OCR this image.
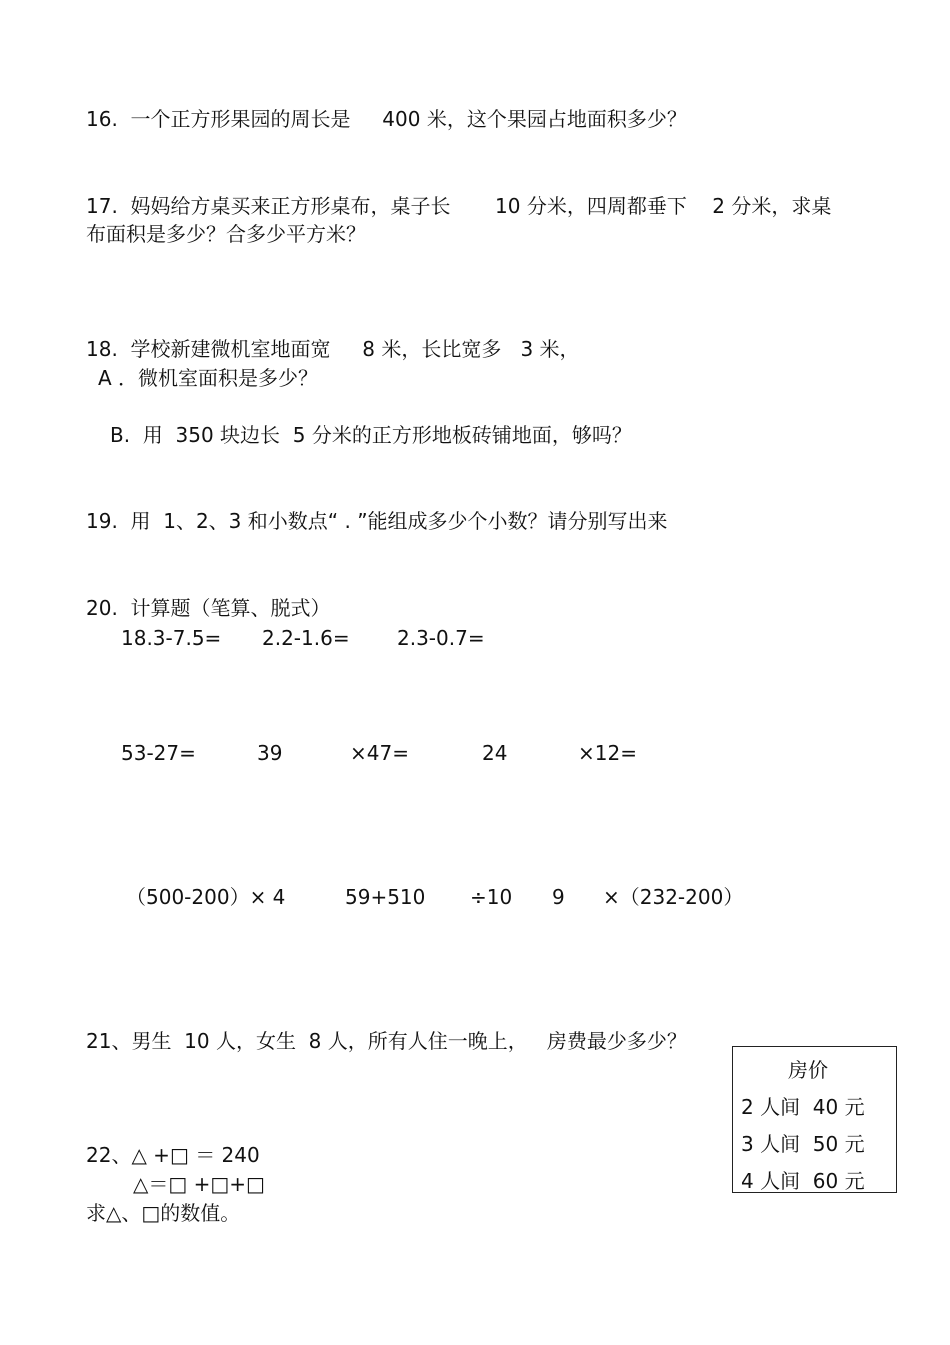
16.  一个正方形果园的周长是     400 米，这个果园占地面积多少？
17.  妈妈给方桌买来正方形桌布，桌子长       10 分米，四周都垂下    2 分米，求桌
布面积是多少？合多少平方米？
18.  学校新建微机室地面宽     8 米，长比宽多   3 米，
A ．微机室面积是多少？
B.  用  350 块边长  5 分米的正方形地板砖铺地面，够吗？
19.  用  1、2、3 和小数点“ . ”能组成多少个小数？请分别写出来
20.  计算题（笔算、脱式）
18.3-7.5= 2.2-1.6= 2.3-0.7=
53-27=	39	×47=	24	×12=
（500-200）× 4	59+510 ÷10 9 ×（232-200）
21、男生  10 人，女生  8 人，所有人住一晚上，   房费最少多少？
房价
2 人间  40 元
3 人间  50 元
4 人间  60 元
22、△ +□ ＝ 240
△＝□ +□+□
求△、□的数值。
